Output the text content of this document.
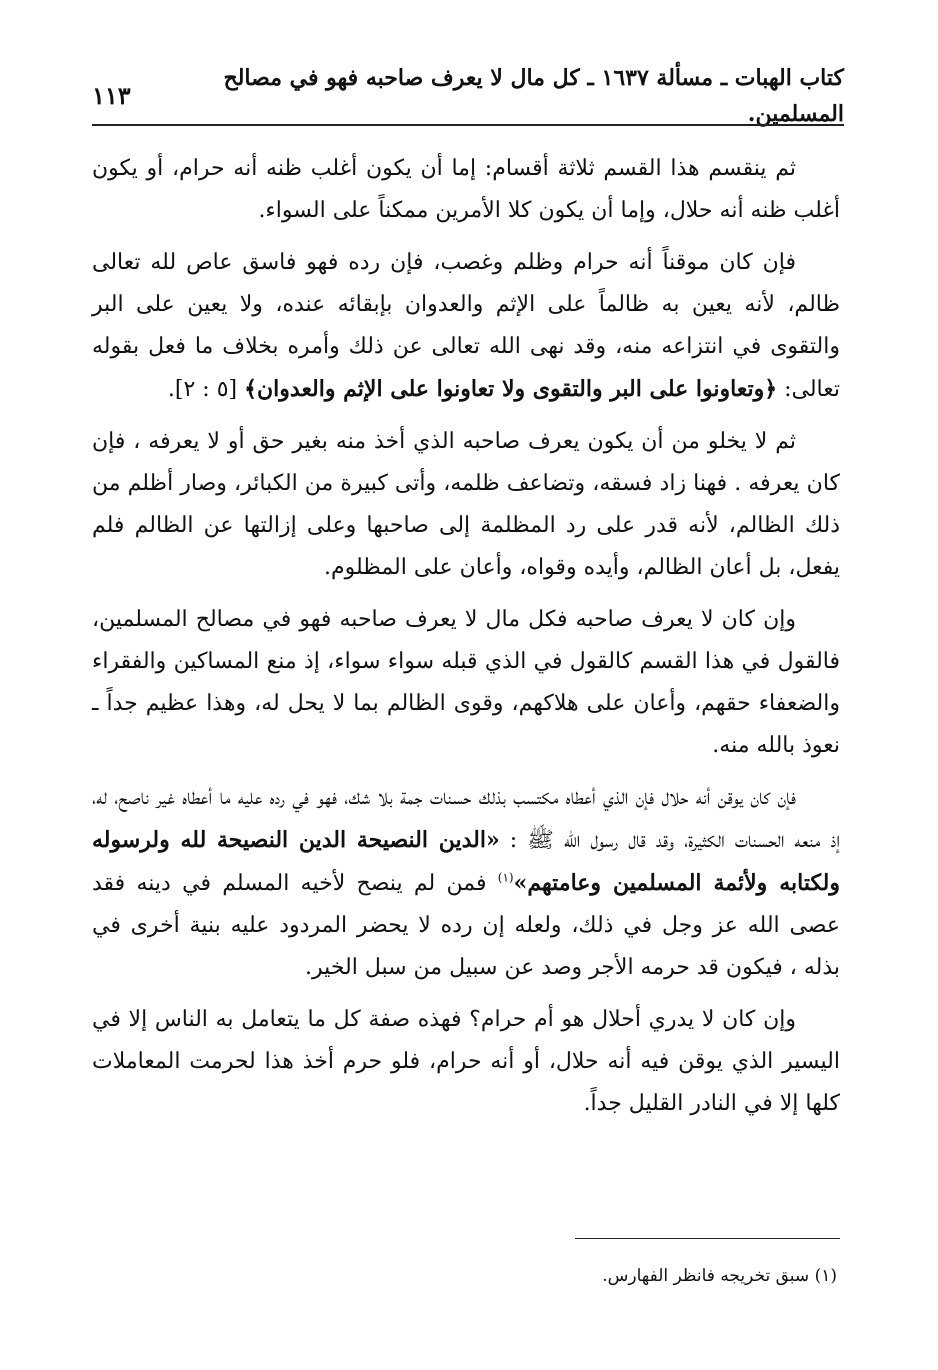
كتاب الهبات ـ مسألة ١٦٣٧ ـ كل مال لا يعرف صاحبه فهو في مصالح المسلمين.
١١٣

ثم ينقسم هذا القسم ثلاثة أقسام: إما أن يكون أغلب ظنه أنه حرام، أو يكون أغلب ظنه أنه حلال، وإما أن يكون كلا الأمرين ممكناً على السواء.

فإن كان موقناً أنه حرام وظلم وغصب، فإن رده فهو فاسق عاص لله تعالى ظالم، لأنه يعين به ظالماً على الإثم والعدوان بإبقائه عنده، ولا يعين على البر والتقوى في انتزاعه منه، وقد نهى الله تعالى عن ذلك وأمره بخلاف ما فعل بقوله تعالى: ﴿وتعاونوا على البر والتقوى ولا تعاونوا على الإثم والعدوان﴾ [٥ : ٢].

ثم لا يخلو من أن يكون يعرف صاحبه الذي أخذ منه بغير حق أو لا يعرفه ، فإن كان يعرفه . فهنا زاد فسقه، وتضاعف ظلمه، وأتى كبيرة من الكبائر، وصار أظلم من ذلك الظالم، لأنه قدر على رد المظلمة إلى صاحبها وعلى إزالتها عن الظالم فلم يفعل، بل أعان الظالم، وأيده وقواه، وأعان على المظلوم.

وإن كان لا يعرف صاحبه فكل مال لا يعرف صاحبه فهو في مصالح المسلمين، فالقول في هذا القسم كالقول في الذي قبله سواء سواء، إذ منع المساكين والفقراء والضعفاء حقهم، وأعان على هلاكهم، وقوى الظالم بما لا يحل له، وهذا عظيم جداً ـ نعوذ بالله منه.

فإن كان يوقن أنه حلال فإن الذي أعطاه مكتسب بذلك حسنات جمة بلا شك، فهو في رده عليه ما أعطاه غير ناصح، له، إذ منعه الحسنات الكثيرة، وقد قال رسول الله ﷺ : «الدين النصيحة الدين النصيحة لله ولرسوله ولكتابه ولأئمة المسلمين وعامتهم»$^{(١)}$ فمن لم ينصح لأخيه المسلم في دينه فقد عصى الله عز وجل في ذلك، ولعله إن رده لا يحضر المردود عليه بنية أخرى في بذله ، فيكون قد حرمه الأجر وصد عن سبيل من سبل الخير.

وإن كان لا يدري أحلال هو أم حرام؟ فهذه صفة كل ما يتعامل به الناس إلا في اليسير الذي يوقن فيه أنه حلال، أو أنه حرام، فلو حرم أخذ هذا لحرمت المعاملات كلها إلا في النادر القليل جداً.

(١) سبق تخريجه فانظر الفهارس.
